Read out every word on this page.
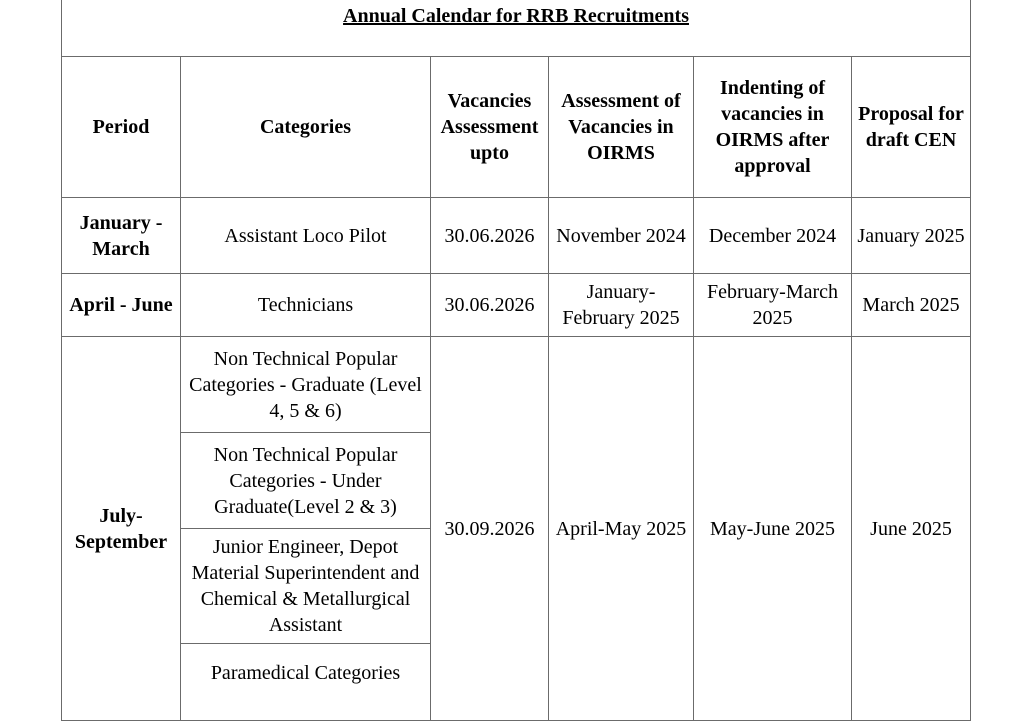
Annual Calendar for RRB Recruitments					
Period	Categories	Vacancies Assessment upto	Assessment of Vacancies in OIRMS	Indenting of vacancies in OIRMS after approval	Proposal for draft CEN
January - March	Assistant Loco Pilot	30.06.2026	November 2024	December 2024	January 2025
April - June	Technicians	30.06.2026	January-February 2025	February-March 2025	March 2025
July-September	Non Technical Popular Categories - Graduate (Level 4, 5 & 6)	30.09.2026	April-May 2025	May-June 2025	June 2025
	Non Technical Popular Categories - Under Graduate(Level 2 & 3)				
	Junior Engineer, Depot Material Superintendent and Chemical & Metallurgical Assistant				
	Paramedical Categories				
